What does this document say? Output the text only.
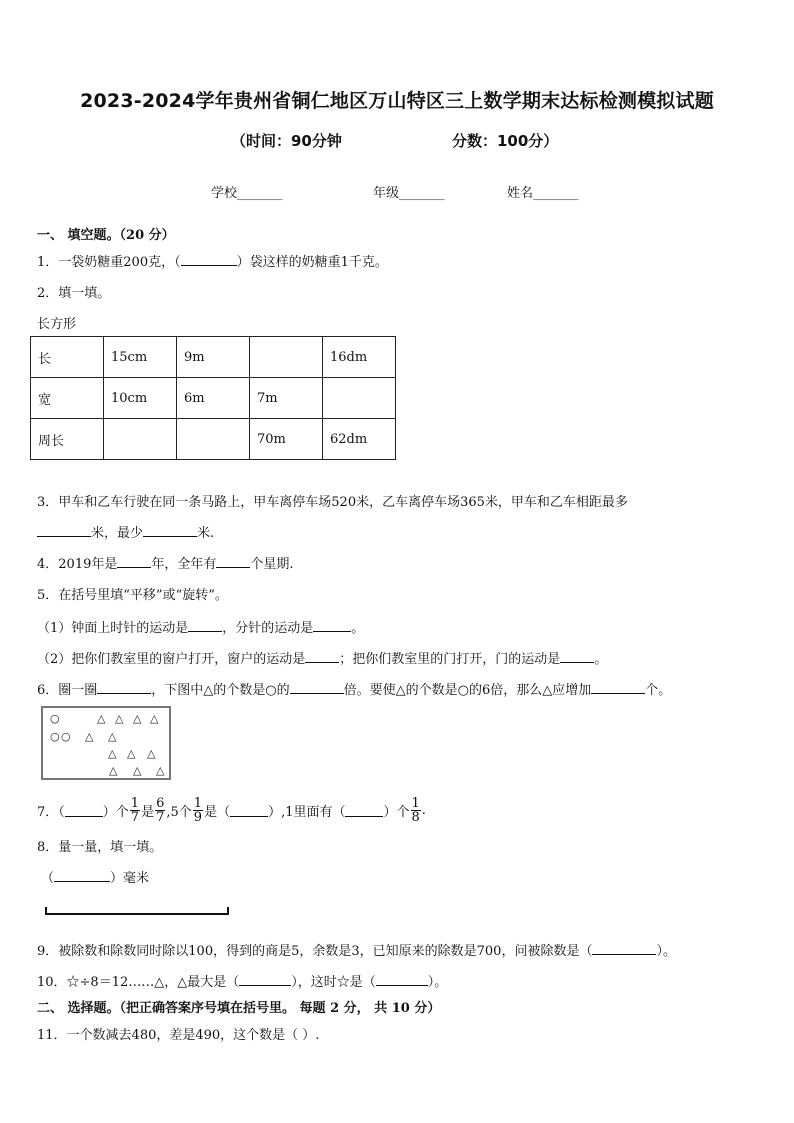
2023-2024学年贵州省铜仁地区万山特区三上数学期末达标检测模拟试题
（时间：90分钟	分数：100分）
学校_______	年级_______	姓名_______
一、 填空题。（20 分）
1．一袋奶糖重200克，（	）袋这样的奶糖重1千克。
2．填一填。
长方形
长	15cm	9m		16dm
宽	10cm	6m	7m	
周长			70m	62dm
3．甲车和乙车行驶在同一条马路上，甲车离停车场520米，乙车离停车场365米，甲车和乙车相距最多
米，最少	米.
4．2019年是	年，全年有	个星期.
5．在括号里填“平移”或“旋转”。
（1）钟面上时针的运动是	，分针的运动是	。
（2）把你们教室里的窗户打开，窗户的运动是	；把你们教室里的门打开，门的运动是	。
6．圈一圈	，下图中△的个数是○的	倍。要使△的个数是○的6倍，那么△应增加	个。
○	△ △ △ △
○ ○ △ △
△ △ △
△ △ △
7．（	）个 $\frac{1}{7}$ 是 $\frac{6}{7} ,5$个 $\frac{1}{9}$ 是（	）,1里面有（	）个 $\frac{1}{8}$ .
8．量一量，填一填。
（	）毫米
9．被除数和除数同时除以100，得到的商是5，余数是3，已知原来的除数是700，问被除数是（	）。
10．☆÷8＝12……△，△最大是（	），这时☆是（	）。
二、 选择题。（把正确答案序号填在括号里。 每题 2 分， 共 10 分）
11．一个数减去480，差是490，这个数是（ ）.
